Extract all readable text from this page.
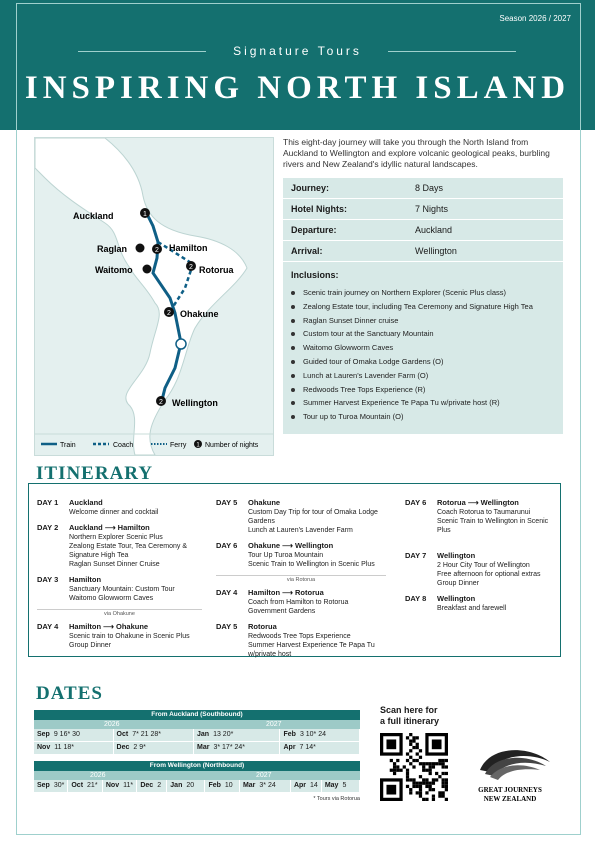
Season 2026 / 2027
Signature Tours
INSPIRING NORTH ISLAND
1
2
2
2
2
Auckland
Raglan
Waitomo
Hamilton
Rotorua
Ohakune
Wellington
Train	Coach	Ferry 1 Number of nights
This eight-day journey will take you through the North Island from Auckland to Wellington and explore volcanic geological peaks, burbling rivers and New Zealand's idyllic natural landscapes.
Journey:	8 Days
Hotel Nights:	7 Nights
Departure:	Auckland
Arrival:	Wellington
Inclusions:
Scenic train journey on Northern Explorer (Scenic Plus class)
Zealong Estate tour, including Tea Ceremony and Signature High Tea
Raglan Sunset Dinner cruise
Custom tour at the Sanctuary Mountain
Waitomo Glowworm Caves
Guided tour of Omaka Lodge Gardens (O)
Lunch at Lauren's Lavender Farm (O)
Redwoods Tree Tops Experience (R)
Summer Harvest Experience Te Papa Tu w/private host (R)
Tour up to Turoa Mountain (O)
ITINERARY
DAY 1 Auckland
Welcome dinner and cocktail
DAY 2 Auckland ⟶ Hamilton
Northern Explorer Scenic Plus
Zealong Estate Tour, Tea Ceremony & Signature High Tea
Raglan Sunset Dinner Cruise
DAY 3 Hamilton
Sanctuary Mountain: Custom Tour
Waitomo Glowworm Caves
via Ohakune
DAY 4 Hamilton ⟶ Ohakune
Scenic train to Ohakune in Scenic Plus
Group Dinner
DAY 5 Ohakune
Custom Day Trip for tour of Omaka Lodge Gardens
Lunch at Lauren's Lavender Farm
DAY 6 Ohakune ⟶ Wellington
Tour Up Turoa Mountain
Scenic Train to Wellington in Scenic Plus
via Rotorua
DAY 4 Hamilton ⟶ Rotorua
Coach from Hamilton to Rotorua
Government Gardens
DAY 5 Rotorua
Redwoods Tree Tops Experience
Summer Harvest Experience Te Papa Tu w/private host
DAY 6 Rotorua ⟶ Wellington
Coach Rotorua to Taumarunui
Scenic Train to Wellington in Scenic Plus
DAY 7 Wellington
2 Hour City Tour of Wellington
Free afternoon for optional extras
Group Dinner
DAY 8 Wellington
Breakfast and farewell
DATES
From Auckland (Southbound)
2026	2027
Sep 9 16* 30	Oct 7* 21 28*	Jan 13 20*	Feb 3 10* 24
Nov 11 18*	Dec 2 9*	Mar 3* 17* 24*	Apr 7 14*
From Wellington (Northbound)
2026	2027
Sep 30*	Oct 21*	Nov 11*	Dec 2	Jan 20	Feb 10	Mar 3* 24	Apr 14	May 5
* Tours via Rotorua
Scan here for
a full itinerary
GREAT JOURNEYS
NEW ZEALAND
